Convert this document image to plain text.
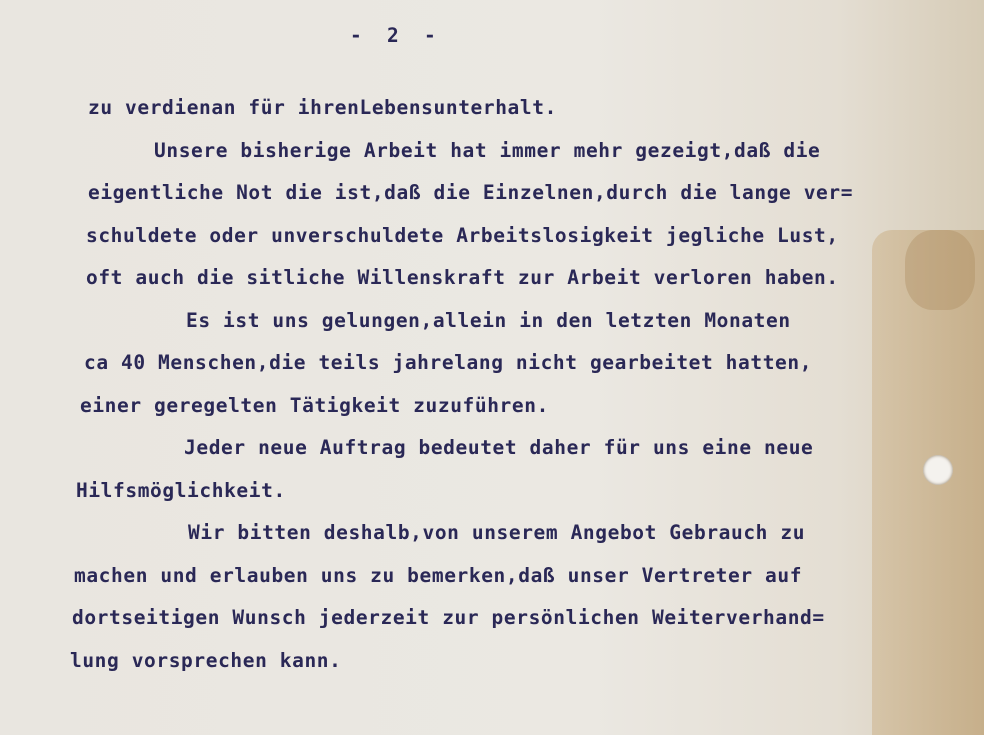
-  2  -
zu verdienan für ihrenLebensunterhalt.
Unsere bisherige Arbeit hat immer mehr gezeigt,daß die
eigentliche Not die ist,daß die Einzelnen,durch die lange ver=
schuldete oder unverschuldete Arbeitslosigkeit jegliche Lust,
oft auch die sitliche Willenskraft zur Arbeit verloren haben.
Es ist uns gelungen,allein in den letzten Monaten
ca 40 Menschen,die teils jahrelang nicht gearbeitet hatten,
einer geregelten Tätigkeit zuzuführen.
Jeder neue Auftrag bedeutet daher für uns eine neue
Hilfsmöglichkeit.
Wir bitten deshalb,von unserem Angebot Gebrauch zu
machen und erlauben uns zu bemerken,daß unser Vertreter auf
dortseitigen Wunsch jederzeit zur persönlichen Weiterverhand=
lung vorsprechen kann.
